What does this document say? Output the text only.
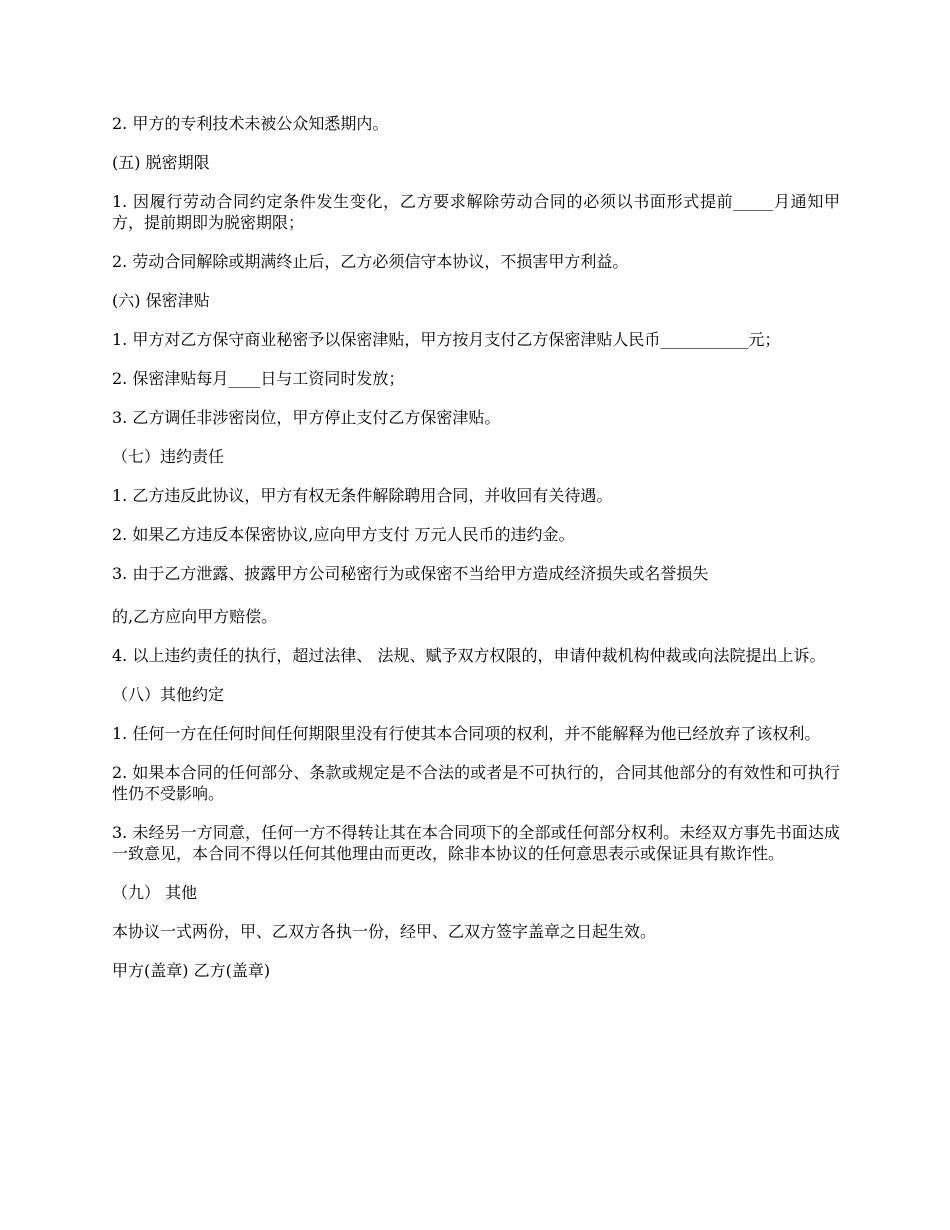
2. 甲方的专利技术未被公众知悉期内。

(五) 脱密期限

1. 因履行劳动合同约定条件发生变化，乙方要求解除劳动合同的必须以书面形式提前_____月通知甲方，提前期即为脱密期限；

2. 劳动合同解除或期满终止后，乙方必须信守本协议，不损害甲方利益。

(六) 保密津贴

1. 甲方对乙方保守商业秘密予以保密津贴，甲方按月支付乙方保密津贴人民币___________元；

2. 保密津贴每月____日与工资同时发放；

3. 乙方调任非涉密岗位，甲方停止支付乙方保密津贴。

（七）违约责任

1. 乙方违反此协议，甲方有权无条件解除聘用合同，并收回有关待遇。

2. 如果乙方违反本保密协议,应向甲方支付 万元人民币的违约金。

3. 由于乙方泄露、披露甲方公司秘密行为或保密不当给甲方造成经济损失或名誉损失

的,乙方应向甲方赔偿。

4. 以上违约责任的执行，超过法律、 法规、赋予双方权限的，申请仲裁机构仲裁或向法院提出上诉。

（八）其他约定

1. 任何一方在任何时间任何期限里没有行使其本合同项的权利，并不能解释为他已经放弃了该权利。

2. 如果本合同的任何部分、条款或规定是不合法的或者是不可执行的，合同其他部分的有效性和可执行性仍不受影响。

3. 未经另一方同意，任何一方不得转让其在本合同项下的全部或任何部分权利。未经双方事先书面达成一致意见，本合同不得以任何其他理由而更改，除非本协议的任何意思表示或保证具有欺诈性。

（九） 其他

本协议一式两份，甲、乙双方各执一份，经甲、乙双方签字盖章之日起生效。

甲方(盖章) 乙方(盖章)
